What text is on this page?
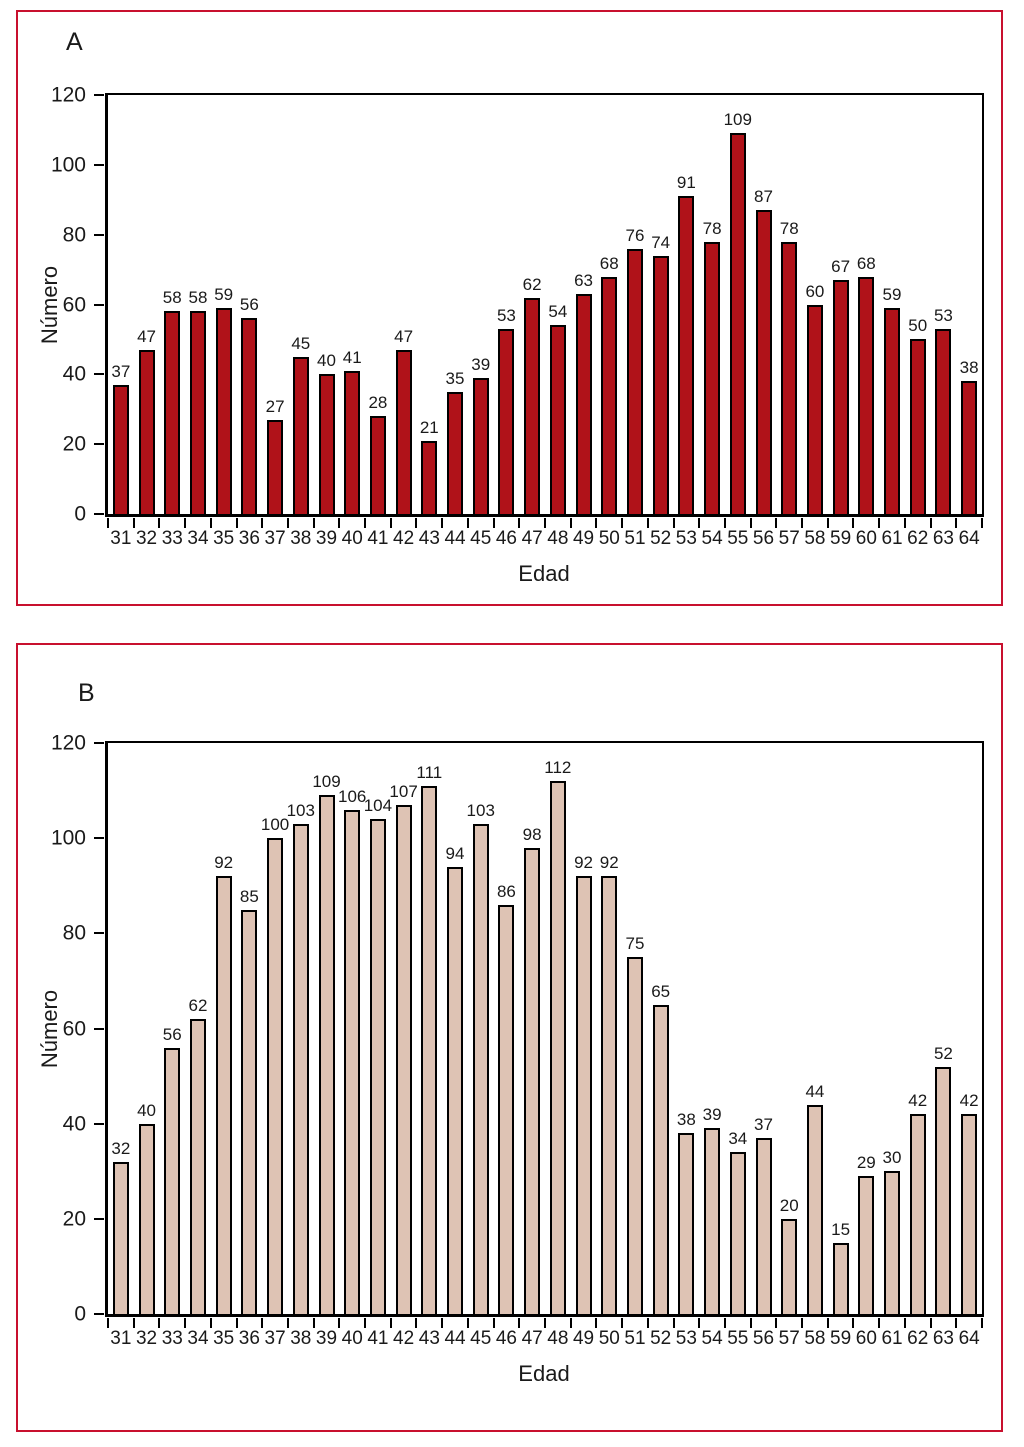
A
Número
0
20
40
60
80
100
120
37
31
47
32
58
33
58
34
59
35
56
36
27
37
45
38
40
39
41
40
28
41
47
42
21
43
35
44
39
45
53
46
62
47
54
48
63
49
68
50
76
51
74
52
91
53
78
54
109
55
87
56
78
57
60
58
67
59
68
60
59
61
50
62
53
63
38
64
Edad
B
Número
0
20
40
60
80
100
120
32
31
40
32
56
33
62
34
92
35
85
36
100
37
103
38
109
39
106
40
104
41
107
42
111
43
94
44
103
45
86
46
98
47
112
48
92
49
92
50
75
51
65
52
38
53
39
54
34
55
37
56
20
57
44
58
15
59
29
60
30
61
42
62
52
63
42
64
Edad
